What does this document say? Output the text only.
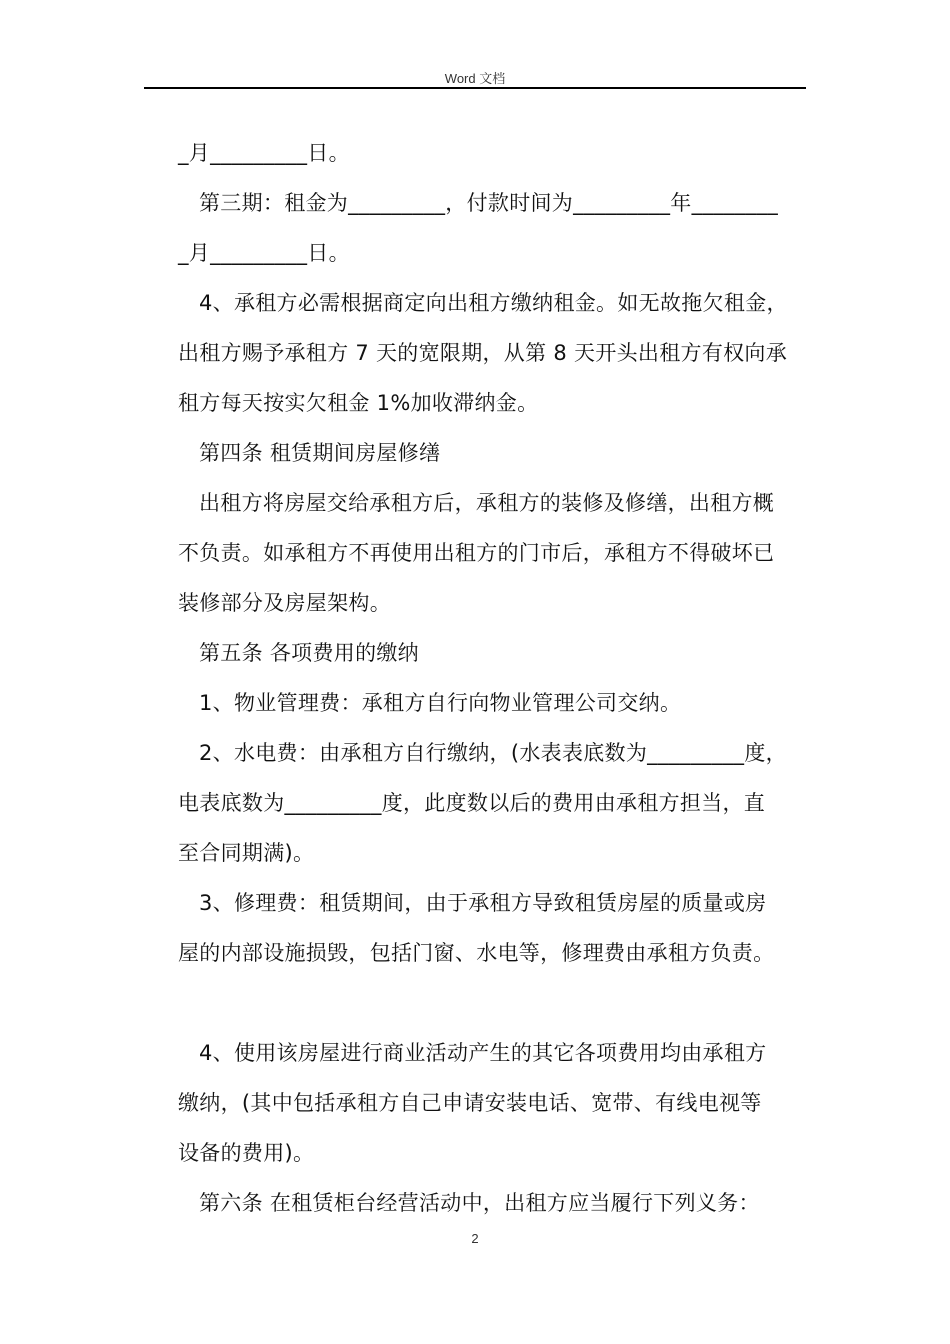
Word 文档

_月_________日。

第三期：租金为_________，付款时间为_________年________

_月_________日。

4、承租方必需根据商定向出租方缴纳租金。如无故拖欠租金，

出租方赐予承租方 7 天的宽限期，从第 8 天开头出租方有权向承

租方每天按实欠租金 1%加收滞纳金。

第四条 租赁期间房屋修缮

出租方将房屋交给承租方后，承租方的装修及修缮，出租方概

不负责。如承租方不再使用出租方的门市后，承租方不得破坏已

装修部分及房屋架构。

第五条 各项费用的缴纳

1、物业管理费：承租方自行向物业管理公司交纳。

2、水电费：由承租方自行缴纳，(水表表底数为_________度，

电表底数为_________度，此度数以后的费用由承租方担当，直

至合同期满)。

3、修理费：租赁期间，由于承租方导致租赁房屋的质量或房

屋的内部设施损毁，包括门窗、水电等，修理费由承租方负责。

4、使用该房屋进行商业活动产生的其它各项费用均由承租方

缴纳，(其中包括承租方自己申请安装电话、宽带、有线电视等

设备的费用)。

第六条 在租赁柜台经营活动中，出租方应当履行下列义务：

2
